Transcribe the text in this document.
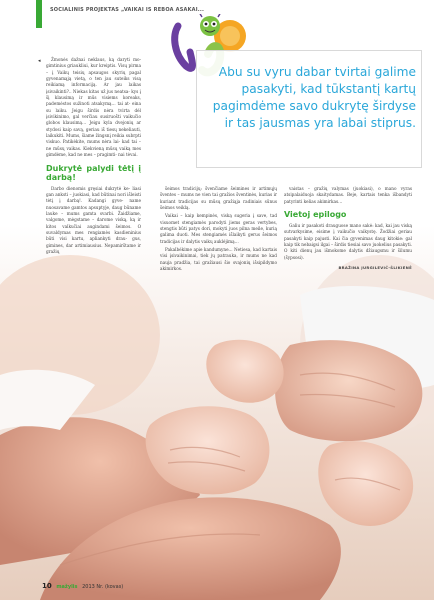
SOCIALINIS PROJEKTAS „VAIKAI IS REBOA ASAKAI...

Abu su vyru dabar tvirtai galime pasakyti, kad tūkstantį kartų pagimdėme savo dukrytę širdyse ir tas jausmas yra labai stiprus.

◂	Žmonės dažnai neklaus, ką daryti mo- gimtinius griaukliui, kur kreiptis. Visų pirma – į Vaikų teisių apsaugos skyrių pagal gyvenamąją vietą, o ten jau suteiks visą reikiamą informaciją. Ar jau laikas įsivaikinti?.. Niekas kitas už jus neatsa- kys į šį klausimą ir mūs visiems koreaks, pademėstos sužinoti atsakymą… tai at- eina su laiku. Jeigu širdis nėra tvirta dėl įsivikinimo, gal verčiau susiruošti vaikučio globos klausimą… Jeigu kyla dvejonių ar stydosi kaip savą, geriau iš tiesų nekeliauti, laikukiti. Mums, šiame žingsnį reikia subrpti viskuo. Patikėkite, mums nėra lai- kad tai – ne mūsų vaikas. Kiekvieną mūsų vaiką mes gimdėme, kad ne mes – pragimti- nai tėvai.

Dukrytė palydi tėtį į darbą!

Darbo dienomis gręsiai dukrytė ke- liasi gan anksti – juokiasi, kad būtinai nori išleisti tėtį į darbą!. Kadangi gyve- name nuosavame gamtos apsuptyje, daug būname lauke – mums gamta svarbi. Žaidžiame, valgome, mėgstame – darome viską, ką ir kitos valkučiai augindami šeimos. O suvaldymas mes rengiamės kasdieninius būti visi kartu, apliankyti drau- gus, gimines, dar artimiausius. Nepamirštame ir gražių

šeimos tradicijų: švenčiame šeimines ir artimųjų šventes – mums ne vien tai gražios šventinės, kurias ir kuriant tradicijas su mūsų gražiąja radiniais sūnus šeimos veiklą.

Vaikai – kaip kempinės, viską sugeria į save, tad visuomet stengiamės parodyti jiems geras vertybes, stengtis būti patys dori, mokyti juos pilna meile, kurią galima duoti. Mes stengiamės išlaikyti gerus šeimos tradicijas ir dalytis vaikų auklėjimą…

Pakalbėkime apie kandumyne... Netiesa, kad kartais visi įsivaikinimai, tiek jų patrauka, ir mums ne kad nauja pradžia, tai gražiausi šio svajonių išsipildymo akimirkos.

vaistas – gražių valymas (juokiasi), o mano vyras atsipalaiduoja skaitydamas. Beje, kartais tenka išbandyti patyrinti kelias akimirkas…

Vietoj epilogo

Galiu ir pasakoti drauguose mano sakė: kad, kai jau viską sutvarkysime, eisime į vaikučio vaikystę. Žodžiai geriau pasakyti kaip pajusti. Kai čia gyvenimas daug kitokie: gal kaip tik nebaigsi ilgai – širdis tiesiai savo juokelius pasakyti. O kiti dienų jau išmokome dalytis džiaugsmu ir šilumu (šypsosi).

BRAŽINA JURGILEVIČ-ŠLIKIENĖ
10 mažylis 2013 Nr. (kovas)
